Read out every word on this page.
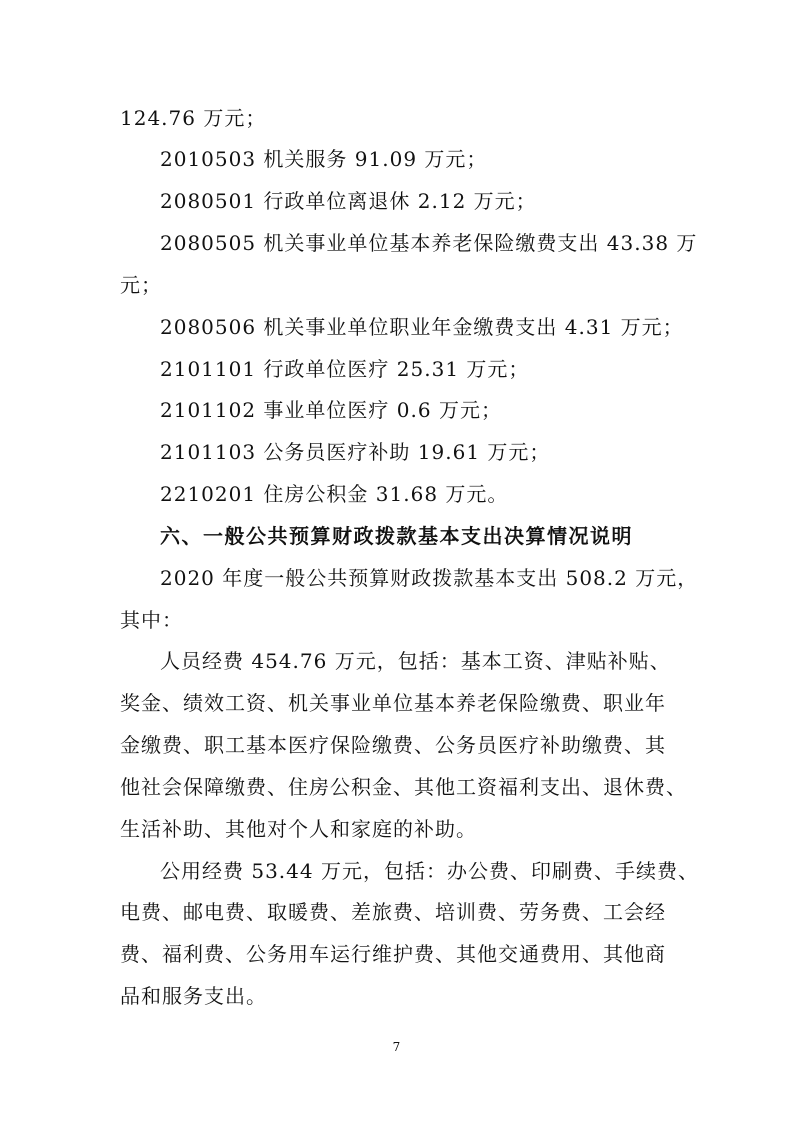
124.76 万元；
2010503 机关服务 91.09 万元；
2080501 行政单位离退休 2.12 万元；
2080505 机关事业单位基本养老保险缴费支出 43.38 万
元；
2080506 机关事业单位职业年金缴费支出 4.31 万元；
2101101 行政单位医疗 25.31 万元；
2101102 事业单位医疗 0.6 万元；
2101103 公务员医疗补助 19.61 万元；
2210201 住房公积金 31.68 万元。
六、一般公共预算财政拨款基本支出决算情况说明
2020 年度一般公共预算财政拨款基本支出 508.2 万元，
其中：
人员经费 454.76 万元，包括：基本工资、津贴补贴、
奖金、绩效工资、机关事业单位基本养老保险缴费、职业年
金缴费、职工基本医疗保险缴费、公务员医疗补助缴费、其
他社会保障缴费、住房公积金、其他工资福利支出、退休费、
生活补助、其他对个人和家庭的补助。
公用经费 53.44 万元，包括：办公费、印刷费、手续费、
电费、邮电费、取暖费、差旅费、培训费、劳务费、工会经
费、福利费、公务用车运行维护费、其他交通费用、其他商
品和服务支出。
7
